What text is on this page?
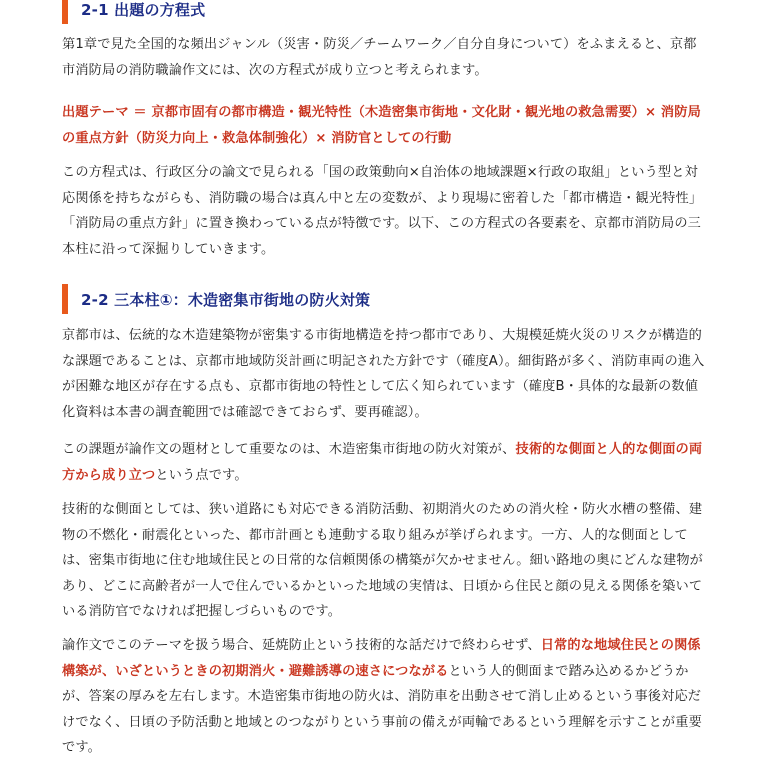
2-1 出題の方程式

第1章で見た全国的な頻出ジャンル（災害・防災／チームワーク／自分自身について）をふまえると、京都市消防局の消防職論作文には、次の方程式が成り立つと考えられます。

出題テーマ ＝ 京都市固有の都市構造・観光特性（木造密集市街地・文化財・観光地の救急需要）× 消防局の重点方針（防災力向上・救急体制強化）× 消防官としての行動

この方程式は、行政区分の論文で見られる「国の政策動向×自治体の地域課題×行政の取組」という型と対応関係を持ちながらも、消防職の場合は真ん中と左の変数が、より現場に密着した「都市構造・観光特性」「消防局の重点方針」に置き換わっている点が特徴です。以下、この方程式の各要素を、京都市消防局の三本柱に沿って深掘りしていきます。

2-2 三本柱①：木造密集市街地の防火対策

京都市は、伝統的な木造建築物が密集する市街地構造を持つ都市であり、大規模延焼火災のリスクが構造的な課題であることは、京都市地域防災計画に明記された方針です（確度A）。細街路が多く、消防車両の進入が困難な地区が存在する点も、京都市街地の特性として広く知られています（確度B・具体的な最新の数値化資料は本書の調査範囲では確認できておらず、要再確認）。

この課題が論作文の題材として重要なのは、木造密集市街地の防火対策が、技術的な側面と人的な側面の両方から成り立つという点です。

技術的な側面としては、狭い道路にも対応できる消防活動、初期消火のための消火栓・防火水槽の整備、建物の不燃化・耐震化といった、都市計画とも連動する取り組みが挙げられます。一方、人的な側面としては、密集市街地に住む地域住民との日常的な信頼関係の構築が欠かせません。細い路地の奥にどんな建物があり、どこに高齢者が一人で住んでいるかといった地域の実情は、日頃から住民と顔の見える関係を築いている消防官でなければ把握しづらいものです。

論作文でこのテーマを扱う場合、延焼防止という技術的な話だけで終わらせず、日常的な地域住民との関係構築が、いざというときの初期消火・避難誘導の速さにつながるという人的側面まで踏み込めるかどうかが、答案の厚みを左右します。木造密集市街地の防火は、消防車を出動させて消し止めるという事後対応だけでなく、日頃の予防活動と地域とのつながりという事前の備えが両輪であるという理解を示すことが重要です。
